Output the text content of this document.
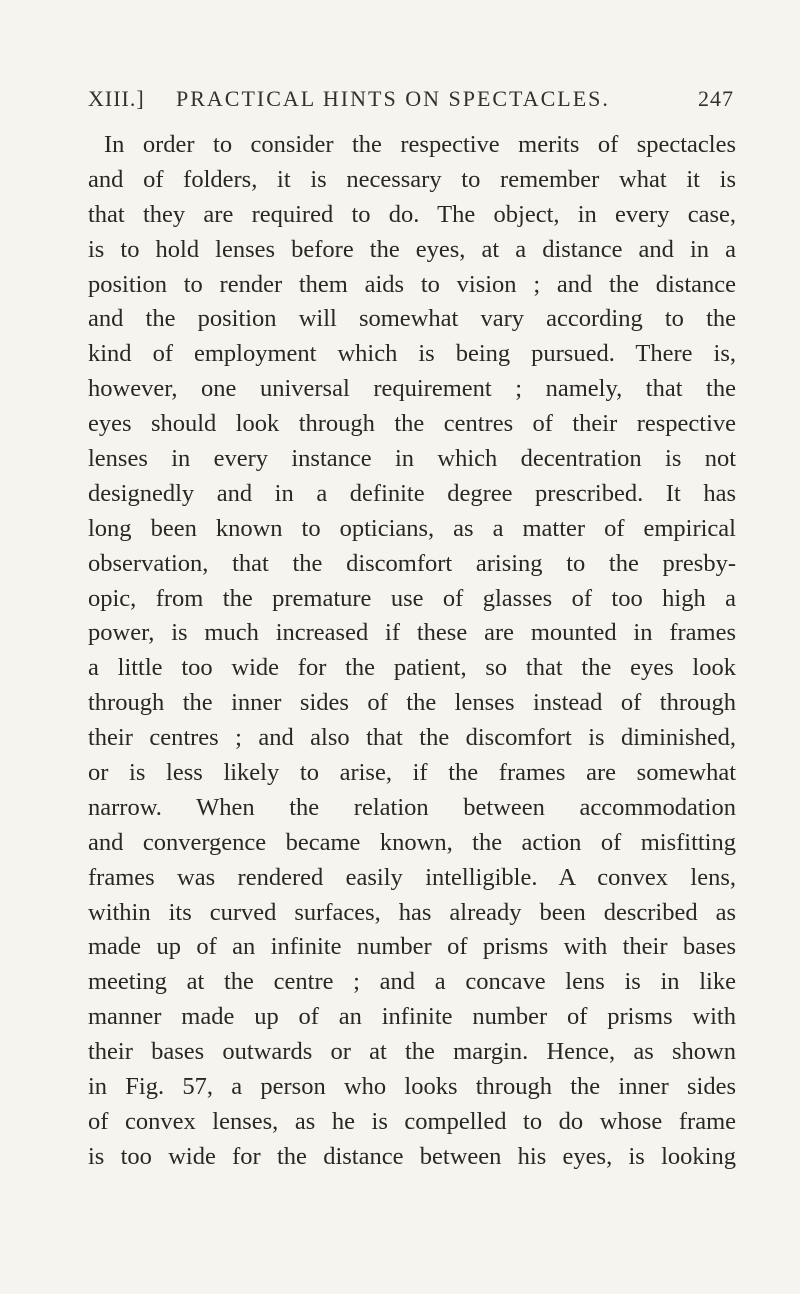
XIII.] PRACTICAL HINTS ON SPECTACLES.	247
In order to consider the respective merits of spectacles
and of folders, it is necessary to remember what it is
that they are required to do. The object, in every case,
is to hold lenses before the eyes, at a distance and in a
position to render them aids to vision ; and the distance
and the position will somewhat vary according to the
kind of employment which is being pursued. There is,
however, one universal requirement ; namely, that the
eyes should look through the centres of their respective
lenses in every instance in which decentration is not
designedly and in a definite degree prescribed. It has
long been known to opticians, as a matter of empirical
observation, that the discomfort arising to the presby-
opic, from the premature use of glasses of too high a
power, is much increased if these are mounted in frames
a little too wide for the patient, so that the eyes look
through the inner sides of the lenses instead of through
their centres ; and also that the discomfort is diminished,
or is less likely to arise, if the frames are somewhat
narrow. When the relation between accommodation
and convergence became known, the action of misfitting
frames was rendered easily intelligible. A convex lens,
within its curved surfaces, has already been described as
made up of an infinite number of prisms with their bases
meeting at the centre ; and a concave lens is in like
manner made up of an infinite number of prisms with
their bases outwards or at the margin. Hence, as shown
in Fig. 57, a person who looks through the inner sides
of convex lenses, as he is compelled to do whose frame
is too wide for the distance between his eyes, is looking
